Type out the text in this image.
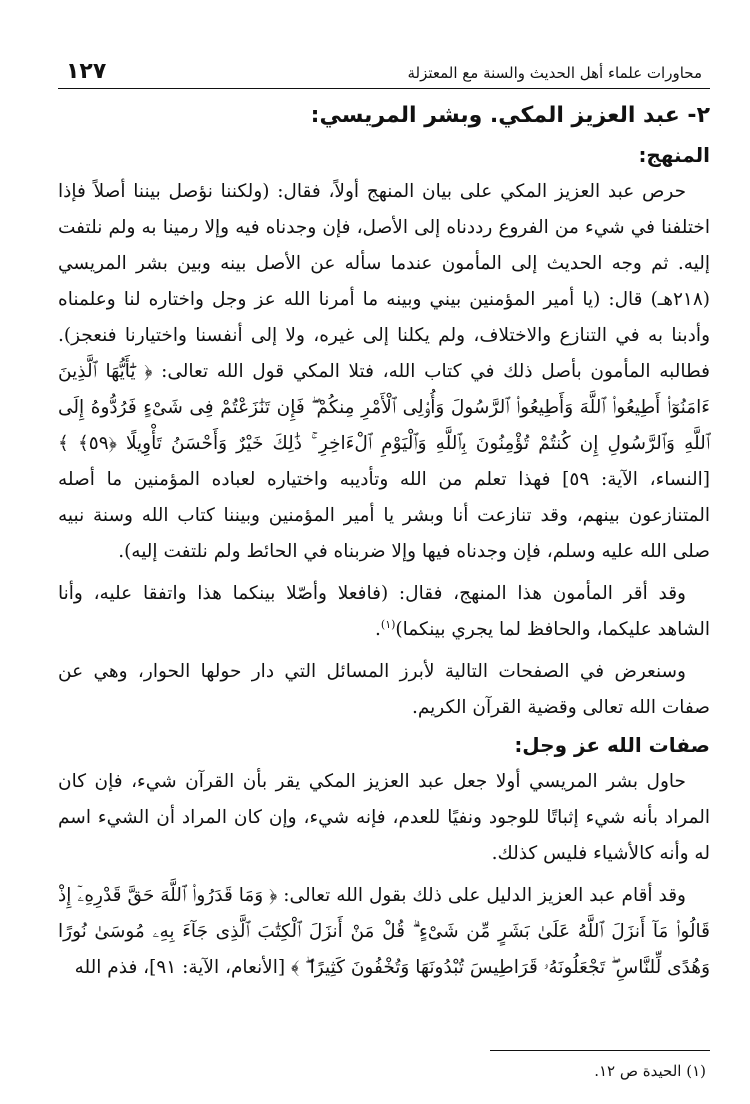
محاورات علماء أهل الحديث والسنة مع المعتزلة
١٢٧
٢- عبد العزيز المكي. وبشر المريسي:
المنهج:

حرص عبد العزيز المكي على بيان المنهج أولاً، فقال: (ولكننا نؤصل بيننا أصلاً فإذا اختلفنا في شيء من الفروع رددناه إلى الأصل، فإن وجدناه فيه وإلا رمينا به ولم نلتفت إليه. ثم وجه الحديث إلى المأمون عندما سأله عن الأصل بينه وبين بشر المريسي (٢١٨هـ) قال: (يا أمير المؤمنين بيني وبينه ما أمرنا الله عز وجل واختاره لنا وعلمناه وأدبنا به في التنازع والاختلاف، ولم يكلنا إلى غيره، ولا إلى أنفسنا واختيارنا فنعجز). فطالبه المأمون بأصل ذلك في كتاب الله، فتلا المكي قول الله تعالى: ﴿ يَٰٓأَيُّهَا ٱلَّذِينَ ءَامَنُوٓا۟ أَطِيعُوا۟ ٱللَّهَ وَأَطِيعُوا۟ ٱلرَّسُولَ وَأُو۟لِى ٱلْأَمْرِ مِنكُمْ ۖ فَإِن تَنَٰزَعْتُمْ فِى شَىْءٍ فَرُدُّوهُ إِلَى ٱللَّهِ وَٱلرَّسُولِ إِن كُنتُمْ تُؤْمِنُونَ بِٱللَّهِ وَٱلْيَوْمِ ٱلْءَاخِرِ ۚ ذَٰلِكَ خَيْرٌ وَأَحْسَنُ تَأْوِيلًا ﴿٥٩﴾ ﴾ [النساء، الآية: ٥٩] فهذا تعلم من الله وتأديبه واختياره لعباده المؤمنين ما أصله المتنازعون بينهم، وقد تنازعت أنا وبشر يا أمير المؤمنين وبيننا كتاب الله وسنة نبيه صلى الله عليه وسلم، فإن وجدناه فيها وإلا ضربناه في الحائط ولم نلتفت إليه).

وقد أقر المأمون هذا المنهج، فقال: (فافعلا وأصّلا بينكما هذا واتفقا عليه، وأنا الشاهد عليكما، والحافظ لما يجري بينكما)$^{(١)}$.

وسنعرض في الصفحات التالية لأبرز المسائل التي دار حولها الحوار، وهي عن صفات الله تعالى وقضية القرآن الكريم.

صفات الله عز وجل:

حاول بشر المريسي أولا جعل عبد العزيز المكي يقر بأن القرآن شيء، فإن كان المراد بأنه شيء إثباتًا للوجود ونفيًا للعدم، فإنه شيء، وإن كان المراد أن الشيء اسم له وأنه كالأشياء فليس كذلك.

وقد أقام عبد العزيز الدليل على ذلك بقول الله تعالى: ﴿ وَمَا قَدَرُوا۟ ٱللَّهَ حَقَّ قَدْرِهِۦٓ إِذْ قَالُوا۟ مَآ أَنزَلَ ٱللَّهُ عَلَىٰ بَشَرٍ مِّن شَىْءٍ ۗ قُلْ مَنْ أَنزَلَ ٱلْكِتَٰبَ ٱلَّذِى جَآءَ بِهِۦ مُوسَىٰ نُورًا وَهُدًى لِّلنَّاسِ ۖ تَجْعَلُونَهُۥ قَرَاطِيسَ تُبْدُونَهَا وَتُخْفُونَ كَثِيرًا ۖ ﴾ [الأنعام، الآية: ٩١]، فذم الله

(١) الحيدة ص ١٢.
